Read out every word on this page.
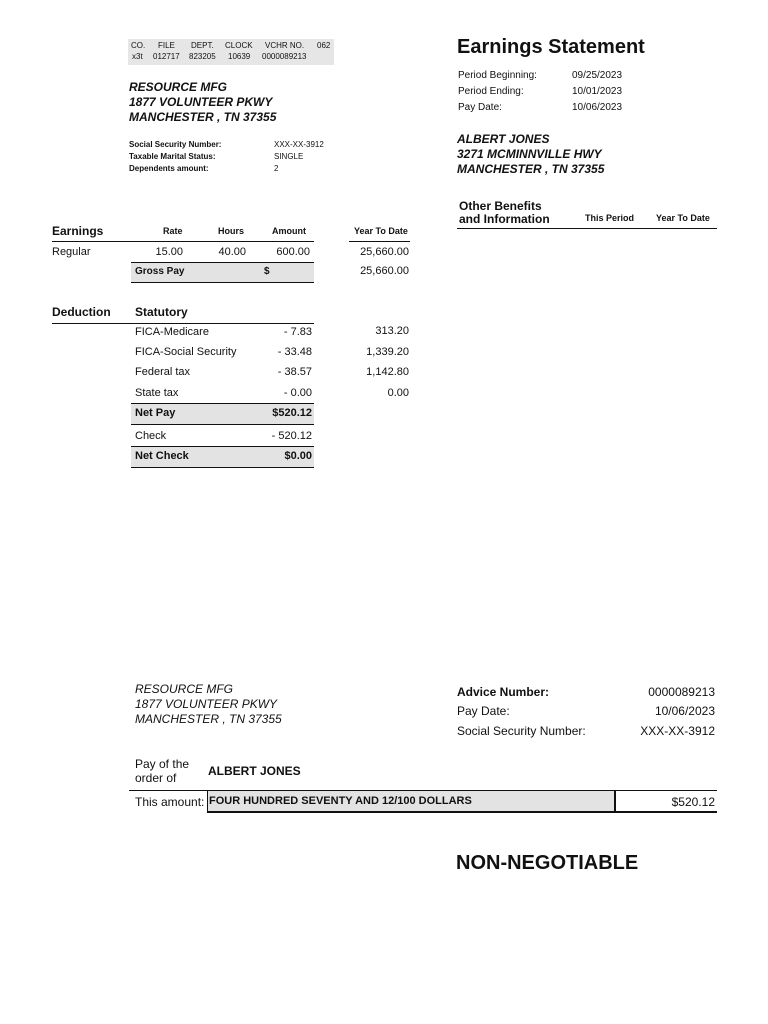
CO. FILE DEPT. CLOCK VCHR NO. 062
x3t 012717 823205 10639 0000089213
RESOURCE MFG
1877 VOLUNTEER PKWY
MANCHESTER , TN 37355
Social Security Number:	XXX-XX-3912
Taxable Marital Status:	SINGLE
Dependents amount:	2
Earnings Statement
Period Beginning:	09/25/2023
Period Ending:	10/01/2023
Pay Date:	10/06/2023
ALBERT JONES
3271 MCMINNVILLE HWY
MANCHESTER , TN 37355
Other Benefits
and Information	This Period Year To Date
Earnings	Rate	Hours	Amount	Year To Date
Regular	15.00	40.00	600.00	25,660.00
Gross Pay	$	25,660.00
Deduction Statutory
FICA-Medicare	- 7.83	313.20
FICA-Social Security	- 33.48	1,339.20
Federal tax	- 38.57	1,142.80
State tax	- 0.00	0.00
Net Pay	$520.12
Check	- 520.12
Net Check	$0.00
RESOURCE MFG
1877 VOLUNTEER PKWY
MANCHESTER , TN 37355
Advice Number:	0000089213
Pay Date:	10/06/2023
Social Security Number:	XXX-XX-3912
Pay of the
order of	ALBERT JONES
This amount: FOUR HUNDRED SEVENTY AND 12/100 DOLLARS	$520.12
NON-NEGOTIABLE
